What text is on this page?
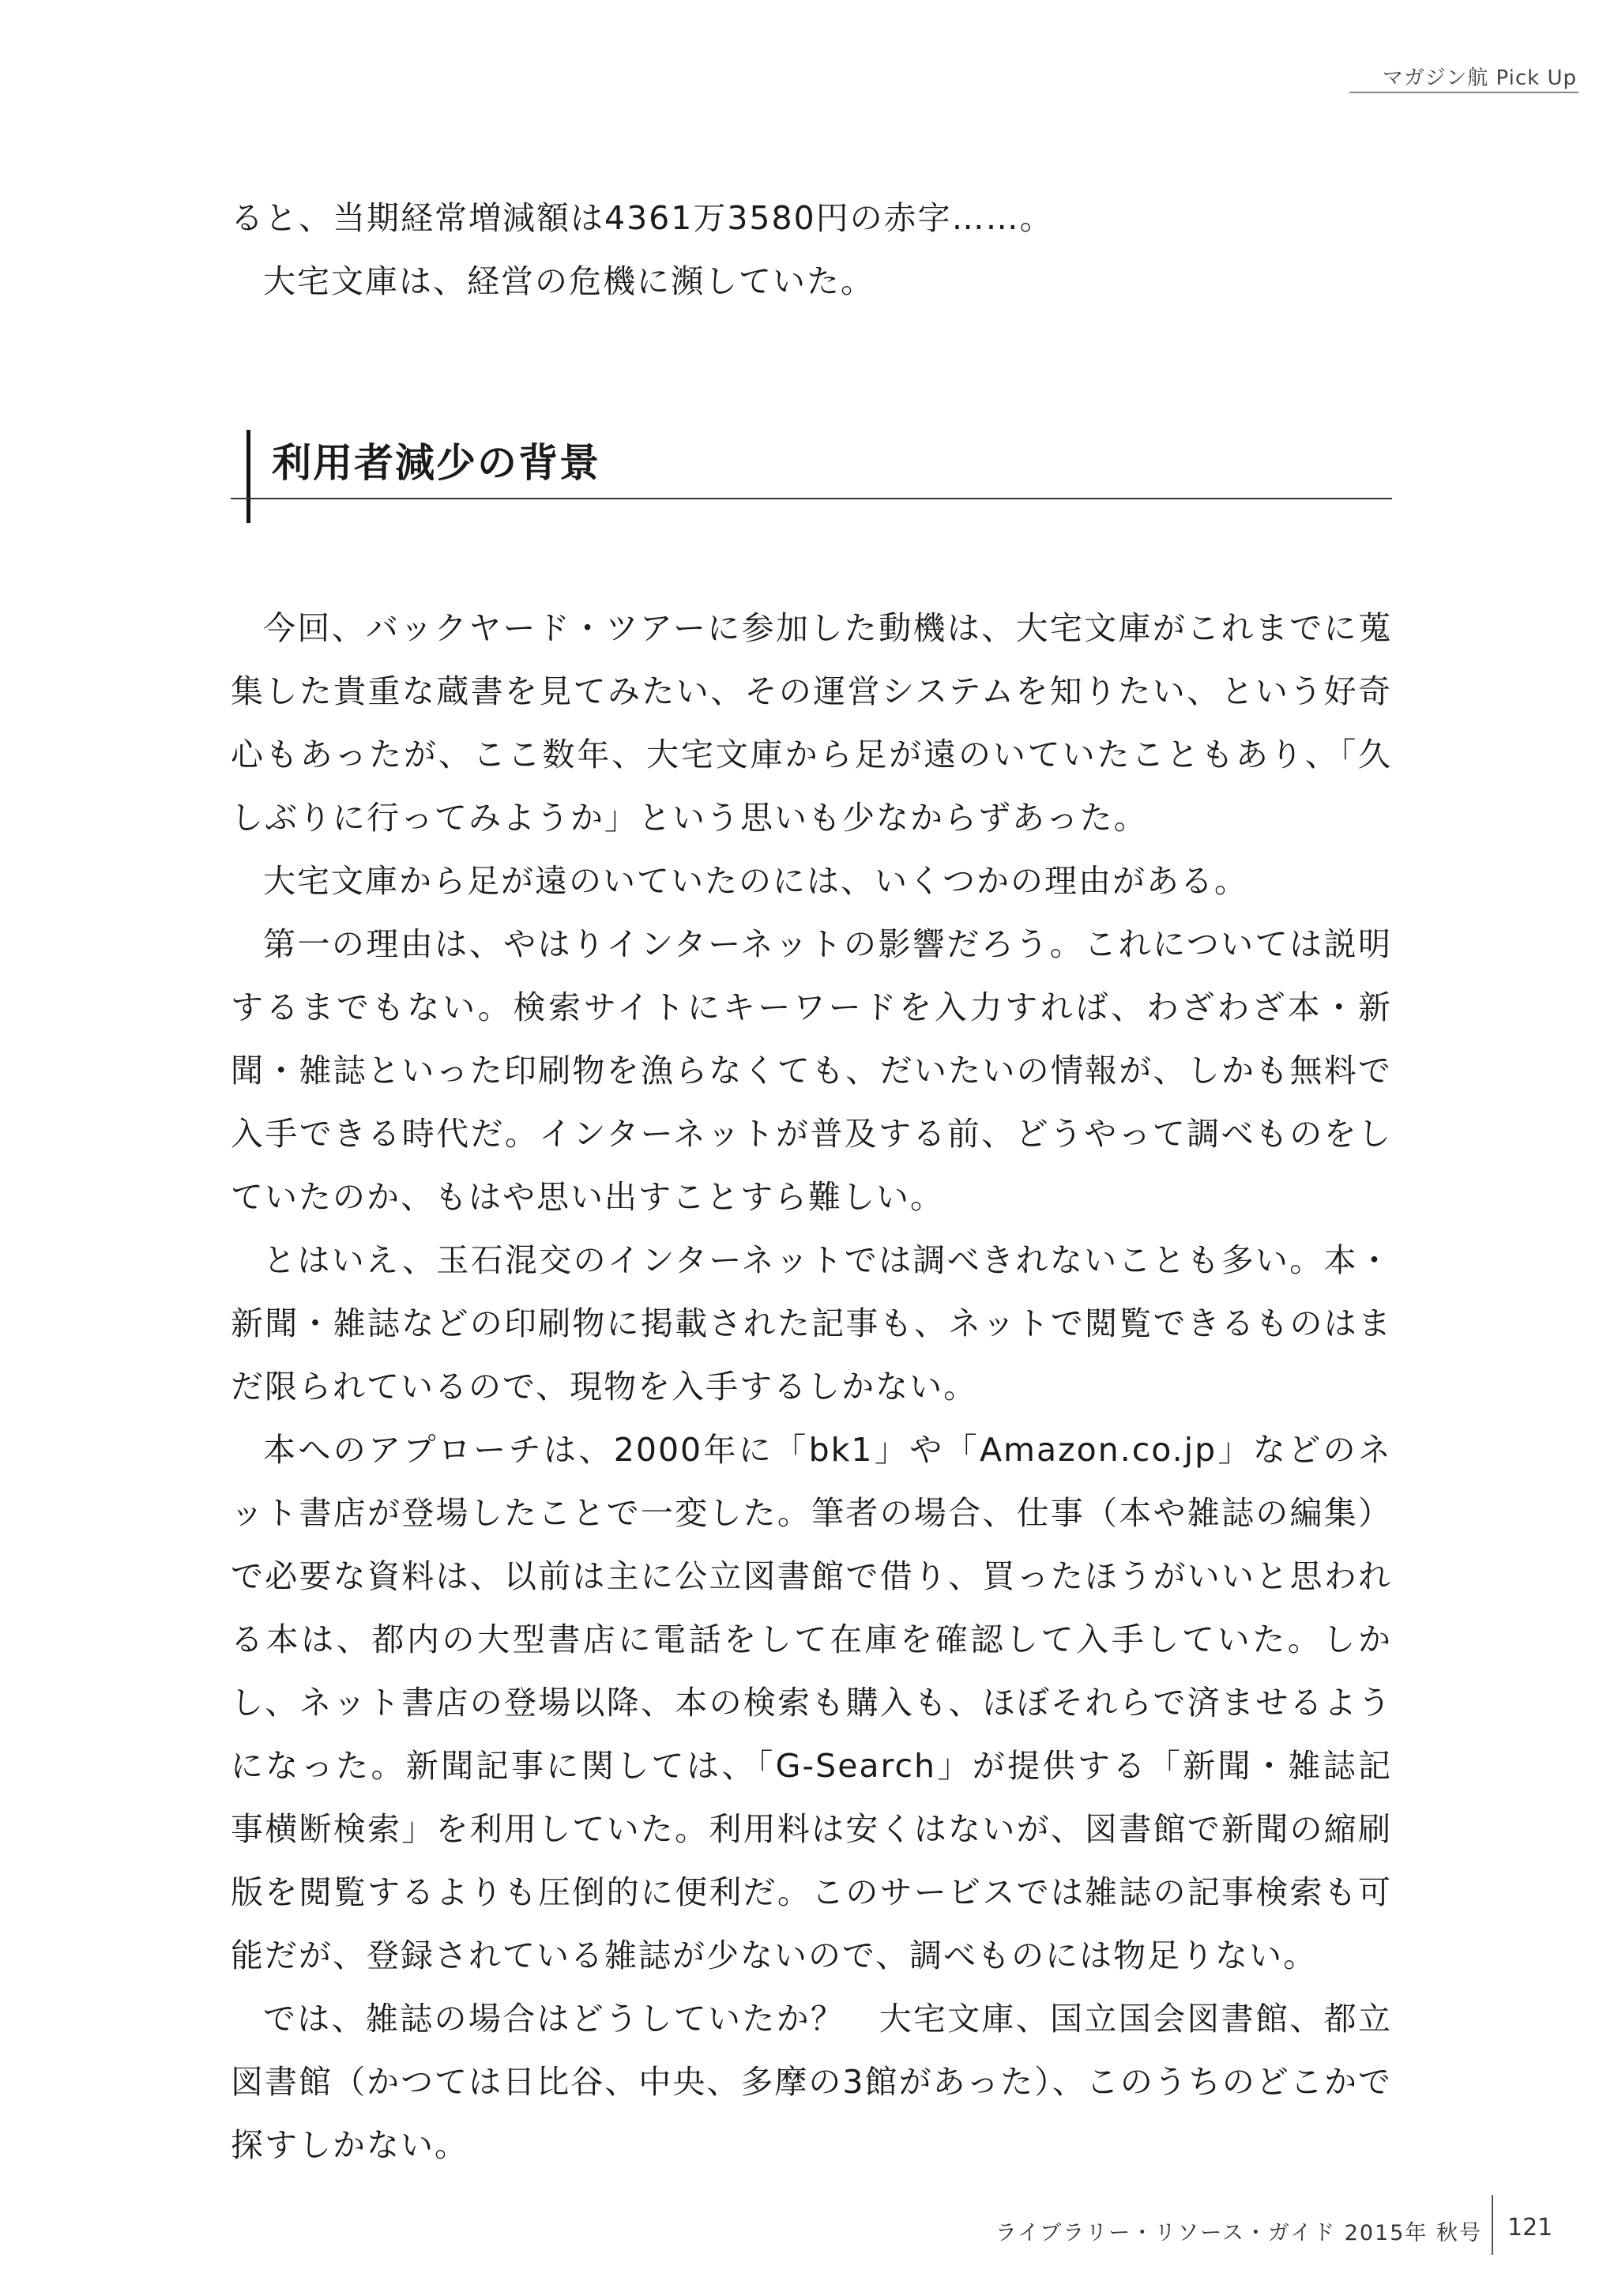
マガジン航 Pick Up

ると、当期経常増減額は4361万3580円の赤字……。

大宅文庫は、経営の危機に瀕していた。

利用者減少の背景

今回、バックヤード・ツアーに参加した動機は、大宅文庫がこれまでに蒐集した貴重な蔵書を見てみたい、その運営システムを知りたい、という好奇心もあったが、ここ数年、大宅文庫から足が遠のいていたこともあり、「久しぶりに行ってみようか」という思いも少なからずあった。

大宅文庫から足が遠のいていたのには、いくつかの理由がある。

第一の理由は、やはりインターネットの影響だろう。これについては説明するまでもない。検索サイトにキーワードを入力すれば、わざわざ本・新聞・雑誌といった印刷物を漁らなくても、だいたいの情報が、しかも無料で入手できる時代だ。インターネットが普及する前、どうやって調べものをしていたのか、もはや思い出すことすら難しい。

とはいえ、玉石混交のインターネットでは調べきれないことも多い。本・新聞・雑誌などの印刷物に掲載された記事も、ネットで閲覧できるものはまだ限られているので、現物を入手するしかない。

本へのアプローチは、2000年に「bk1」や「Amazon.co.jp」などのネット書店が登場したことで一変した。筆者の場合、仕事（本や雑誌の編集）で必要な資料は、以前は主に公立図書館で借り、買ったほうがいいと思われる本は、都内の大型書店に電話をして在庫を確認して入手していた。しかし、ネット書店の登場以降、本の検索も購入も、ほぼそれらで済ませるようになった。新聞記事に関しては、「G-Search」が提供する「新聞・雑誌記事横断検索」を利用していた。利用料は安くはないが、図書館で新聞の縮刷版を閲覧するよりも圧倒的に便利だ。このサービスでは雑誌の記事検索も可能だが、登録されている雑誌が少ないので、調べものには物足りない。

では、雑誌の場合はどうしていたか？　大宅文庫、国立国会図書館、都立図書館（かつては日比谷、中央、多摩の3館があった）、このうちのどこかで探すしかない。

ライブラリー・リソース・ガイド 2015年 秋号 121
